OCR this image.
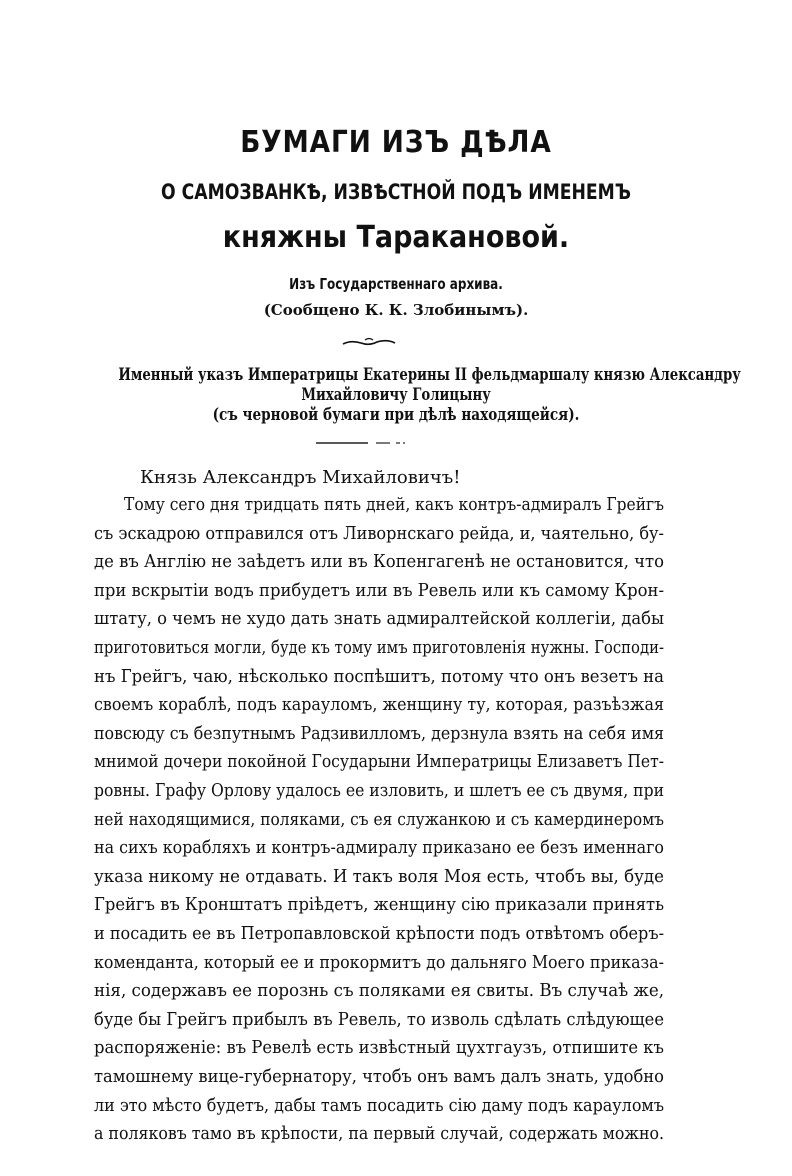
БУМАГИ ИЗЪ ДѢЛА
О САМОЗВАНКѢ, ИЗВѢСТНОЙ ПОДЪ ИМЕНЕМЪ
княжны Таракановой.
Изъ Государственнаго архива.
(Сообщено К. К. Злобинымъ).
Именный указъ Императрицы Екатерины II фельдмаршалу князю Александру
Михайловичу Голицыну
(съ черновой бумаги при дѣлѣ находящейся).
Князь Александръ Михайловичъ!
Тому сего дня тридцать пять дней, какъ контръ-адмиралъ Грейгъ
съ эскадрою отправился отъ Ливорнскаго рейда, и, чаятельно, бу-
де въ Англію не заѣдетъ или въ Копенгагенѣ не остановится, что
при вскрытіи водъ прибудетъ или въ Ревель или къ самому Крон-
штату, о чемъ не худо дать знать адмиралтейской коллегіи, дабы
приготовиться могли, буде къ тому имъ приготовленія нужны. Господи-
нъ Грейгъ, чаю, нѣсколько поспѣшитъ, потому что онъ везетъ на
своемъ кораблѣ, подъ карауломъ, женщину ту, которая, разъѣзжая
повсюду съ безпутнымъ Радзивилломъ, дерзнула взять на себя имя
мнимой дочери покойной Государыни Императрицы Елизаветъ Пет-
ровны. Графу Орлову удалось ее изловить, и шлетъ ее съ двумя, при
ней находящимися, поляками, съ ея служанкою и съ камердинеромъ
на сихъ корабляхъ и контръ-адмиралу приказано ее безъ именнаго
указа никому не отдавать. И такъ воля Моя есть, чтобъ вы, буде
Грейгъ въ Кронштатъ пріѣдетъ, женщину сію приказали принять
и посадить ее въ Петропавловской крѣпости подъ отвѣтомъ оберъ-
коменданта, который ее и прокормитъ до дальняго Моего приказа-
нія, содержавъ ее порознь съ поляками ея свиты. Въ случаѣ же,
буде бы Грейгъ прибылъ въ Ревель, то изволь сдѣлать слѣдующее
распоряженіе: въ Ревелѣ есть извѣстный цухтгаузъ, отпишите къ
тамошнему вице-губернатору, чтобъ онъ вамъ далъ знать, удобно
ли это мѣсто будетъ, дабы тамъ посадить сію даму подъ карауломъ
а поляковъ тамо въ крѣпости, па первый случай, содержать можно.
